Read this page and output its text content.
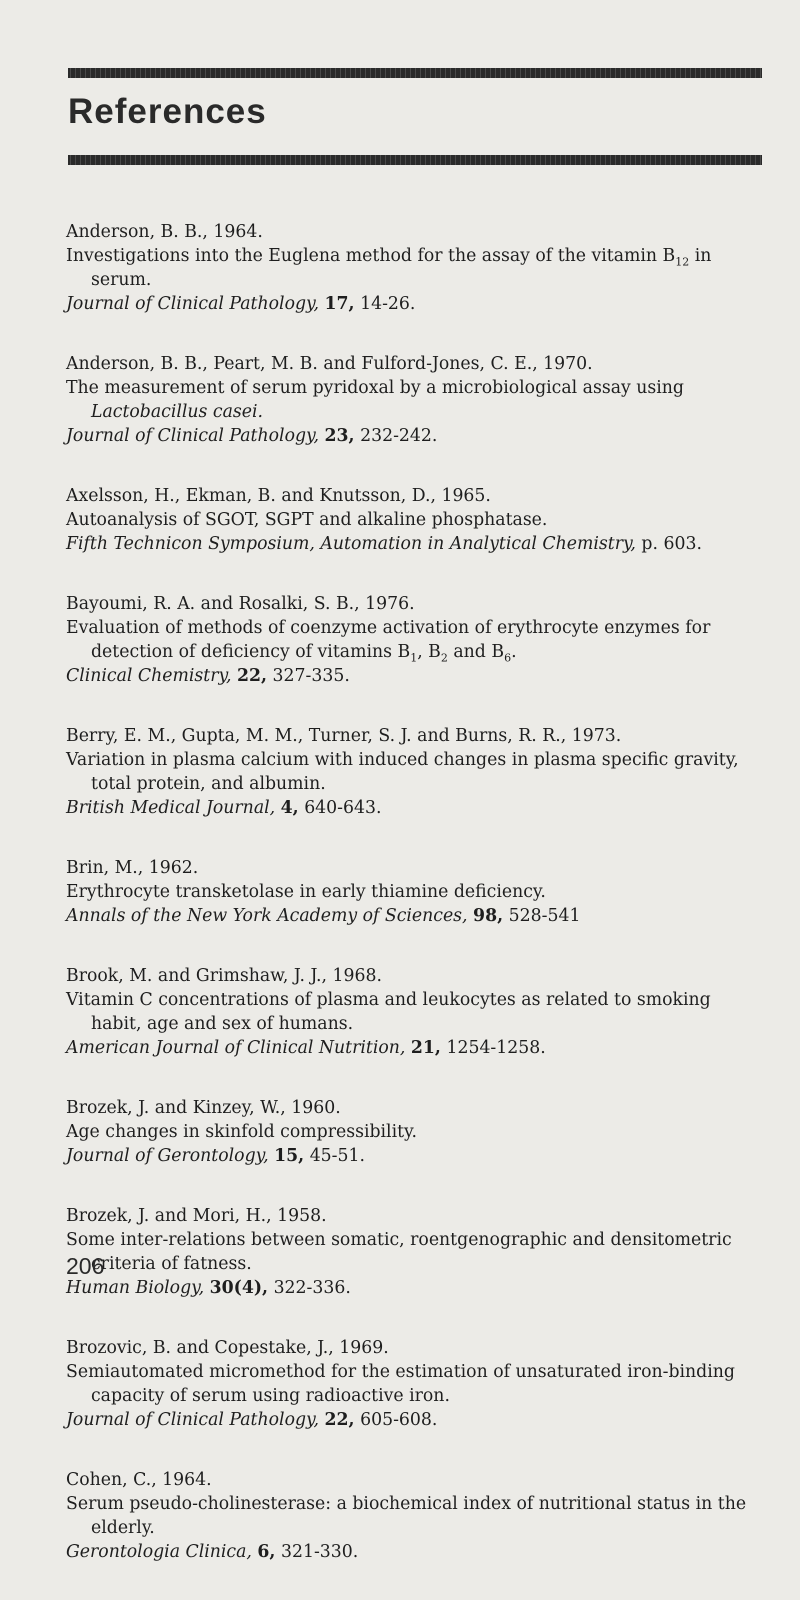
References

Anderson, B. B., 1964.

Investigations into the Euglena method for the assay of the vitamin $B_{12}$ in serum.

Journal of Clinical Pathology, 17, 14-26.

Anderson, B. B., Peart, M. B. and Fulford-Jones, C. E., 1970.

The measurement of serum pyridoxal by a microbiological assay using Lactobacillus casei.

Journal of Clinical Pathology, 23, 232-242.

Axelsson, H., Ekman, B. and Knutsson, D., 1965.

Autoanalysis of SGOT, SGPT and alkaline phosphatase.

Fifth Technicon Symposium, Automation in Analytical Chemistry, p. 603.

Bayoumi, R. A. and Rosalki, S. B., 1976.

Evaluation of methods of coenzyme activation of erythrocyte enzymes for detection of deficiency of vitamins $B_1$, $B_2$ and $B_6$.

Clinical Chemistry, 22, 327-335.

Berry, E. M., Gupta, M. M., Turner, S. J. and Burns, R. R., 1973.

Variation in plasma calcium with induced changes in plasma specific gravity, total protein, and albumin.

British Medical Journal, 4, 640-643.

Brin, M., 1962.

Erythrocyte transketolase in early thiamine deficiency.

Annals of the New York Academy of Sciences, 98, 528-541

Brook, M. and Grimshaw, J. J., 1968.

Vitamin C concentrations of plasma and leukocytes as related to smoking habit, age and sex of humans.

American Journal of Clinical Nutrition, 21, 1254-1258.

Brozek, J. and Kinzey, W., 1960.

Age changes in skinfold compressibility.

Journal of Gerontology, 15, 45-51.

Brozek, J. and Mori, H., 1958.

Some inter-relations between somatic, roentgenographic and densitometric criteria of fatness.

Human Biology, 30(4), 322-336.

Brozovic, B. and Copestake, J., 1969.

Semiautomated micromethod for the estimation of unsaturated iron-binding capacity of serum using radioactive iron.

Journal of Clinical Pathology, 22, 605-608.

Cohen, C., 1964.

Serum pseudo-cholinesterase: a biochemical index of nutritional status in the elderly.

Gerontologia Clinica, 6, 321-330.

206
